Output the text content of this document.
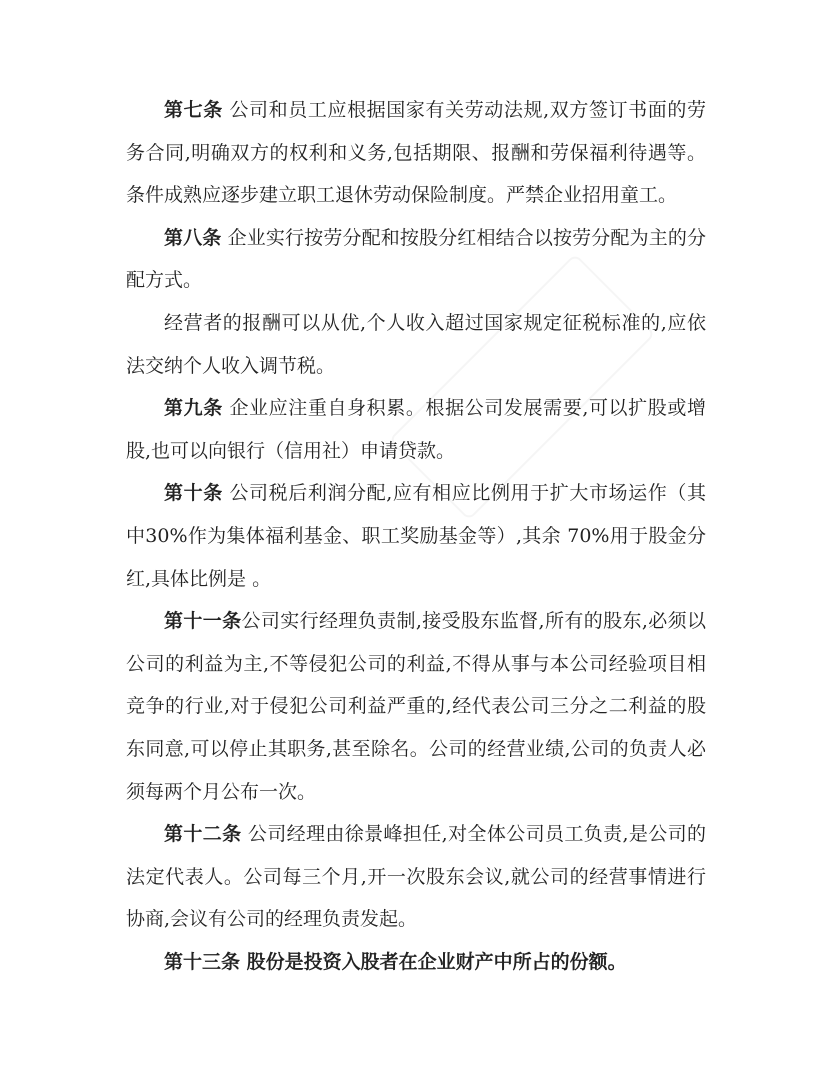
第七条 公司和员工应根据国家有关劳动法规,双方签订书面的劳务合同,明确双方的权利和义务,包括期限、报酬和劳保福利待遇等。条件成熟应逐步建立职工退休劳动保险制度。严禁企业招用童工。

第八条 企业实行按劳分配和按股分红相结合以按劳分配为主的分配方式。

经营者的报酬可以从优,个人收入超过国家规定征税标准的,应依法交纳个人收入调节税。

第九条 企业应注重自身积累。根据公司发展需要,可以扩股或增股,也可以向银行（信用社）申请贷款。

第十条 公司税后利润分配,应有相应比例用于扩大市场运作（其中30%作为集体福利基金、职工奖励基金等）,其余 70%用于股金分红,具体比例是 。

第十一条公司实行经理负责制,接受股东监督,所有的股东,必须以公司的利益为主,不等侵犯公司的利益,不得从事与本公司经验项目相竞争的行业,对于侵犯公司利益严重的,经代表公司三分之二利益的股东同意,可以停止其职务,甚至除名。公司的经营业绩,公司的负责人必须每两个月公布一次。

第十二条 公司经理由徐景峰担任,对全体公司员工负责,是公司的法定代表人。公司每三个月,开一次股东会议,就公司的经营事情进行协商,会议有公司的经理负责发起。

第十三条 股份是投资入股者在企业财产中所占的份额。
